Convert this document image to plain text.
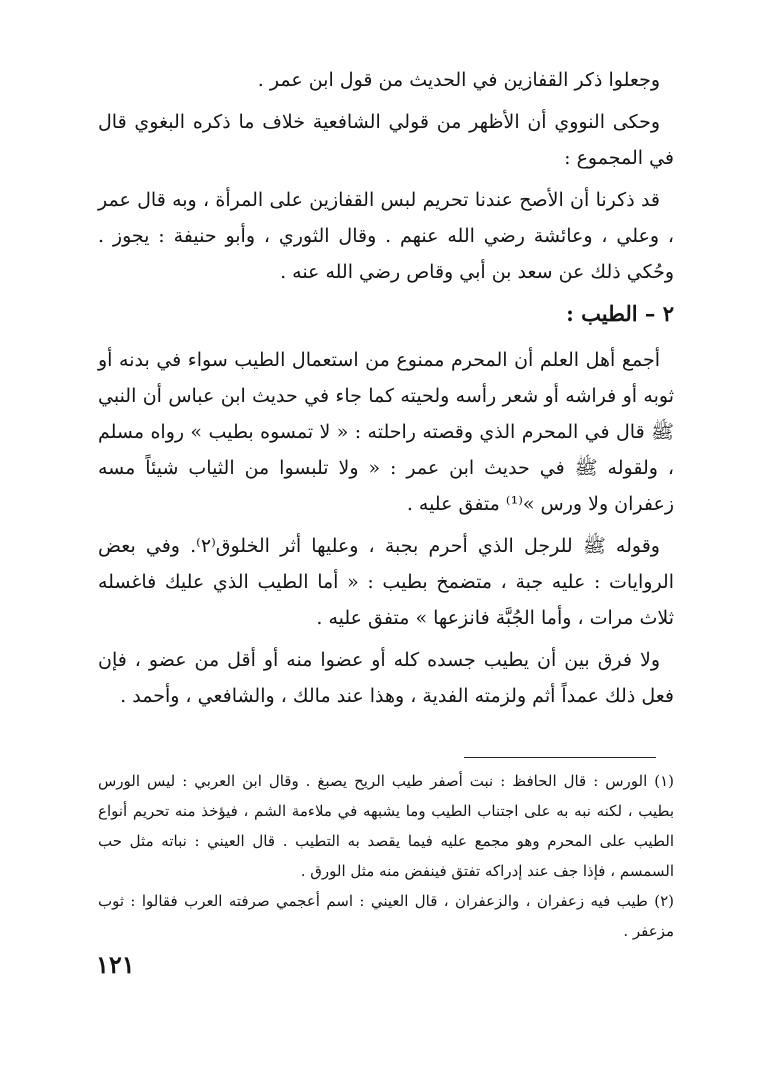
وجعلوا ذكر القفازين في الحديث من قول ابن عمر .

وحكى النووي أن الأظهر من قولي الشافعية خلاف ما ذكره البغوي قال في المجموع :

قد ذكرنا أن الأصح عندنا تحريم لبس القفازين على المرأة ، وبه قال عمر ، وعلي ، وعائشة رضي الله عنهم . وقال الثوري ، وأبو حنيفة : يجوز . وحُكي ذلك عن سعد بن أبي وقاص رضي الله عنه .

٢ – الطيب :

أجمع أهل العلم أن المحرم ممنوع من استعمال الطيب سواء في بدنه أو ثوبه أو فراشه أو شعر رأسه ولحيته كما جاء في حديث ابن عباس أن النبي ﷺ قال في المحرم الذي وقصته راحلته : « لا تمسوه بطيب » رواه مسلم ، ولقوله ﷺ في حديث ابن عمر : « ولا تلبسوا من الثياب شيئاً مسه زعفران ولا ورس »⁽¹⁾ متفق عليه .

وقوله ﷺ للرجل الذي أحرم بجبة ، وعليها أثر الخلوق⁽٢⁾. وفي بعض الروايات : عليه جبة ، متضمخ بطيب : « أما الطيب الذي عليك فاغسله ثلاث مرات ، وأما الجُبَّة فانزعها » متفق عليه .

ولا فرق بين أن يطيب جسده كله أو عضوا منه أو أقل من عضو ، فإن فعل ذلك عمداً أثم ولزمته الفدية ، وهذا عند مالك ، والشافعي ، وأحمد .

(١) الورس : قال الحافظ : نبت أصفر طيب الريح يصبغ . وقال ابن العربي : ليس الورس بطيب ، لكنه نبه به على اجتناب الطيب وما يشبهه في ملاءمة الشم ، فيؤخذ منه تحريم أنواع الطيب على المحرم وهو مجمع عليه فيما يقصد به التطيب . قال العيني : نباته مثل حب السمسم ، فإذا جف عند إدراكه تفتق فينفض منه مثل الورق .

(٢) طيب فيه زعفران ، والزعفران ، قال العيني : اسم أعجمي صرفته العرب فقالوا : ثوب مزعفر .

١٢١
